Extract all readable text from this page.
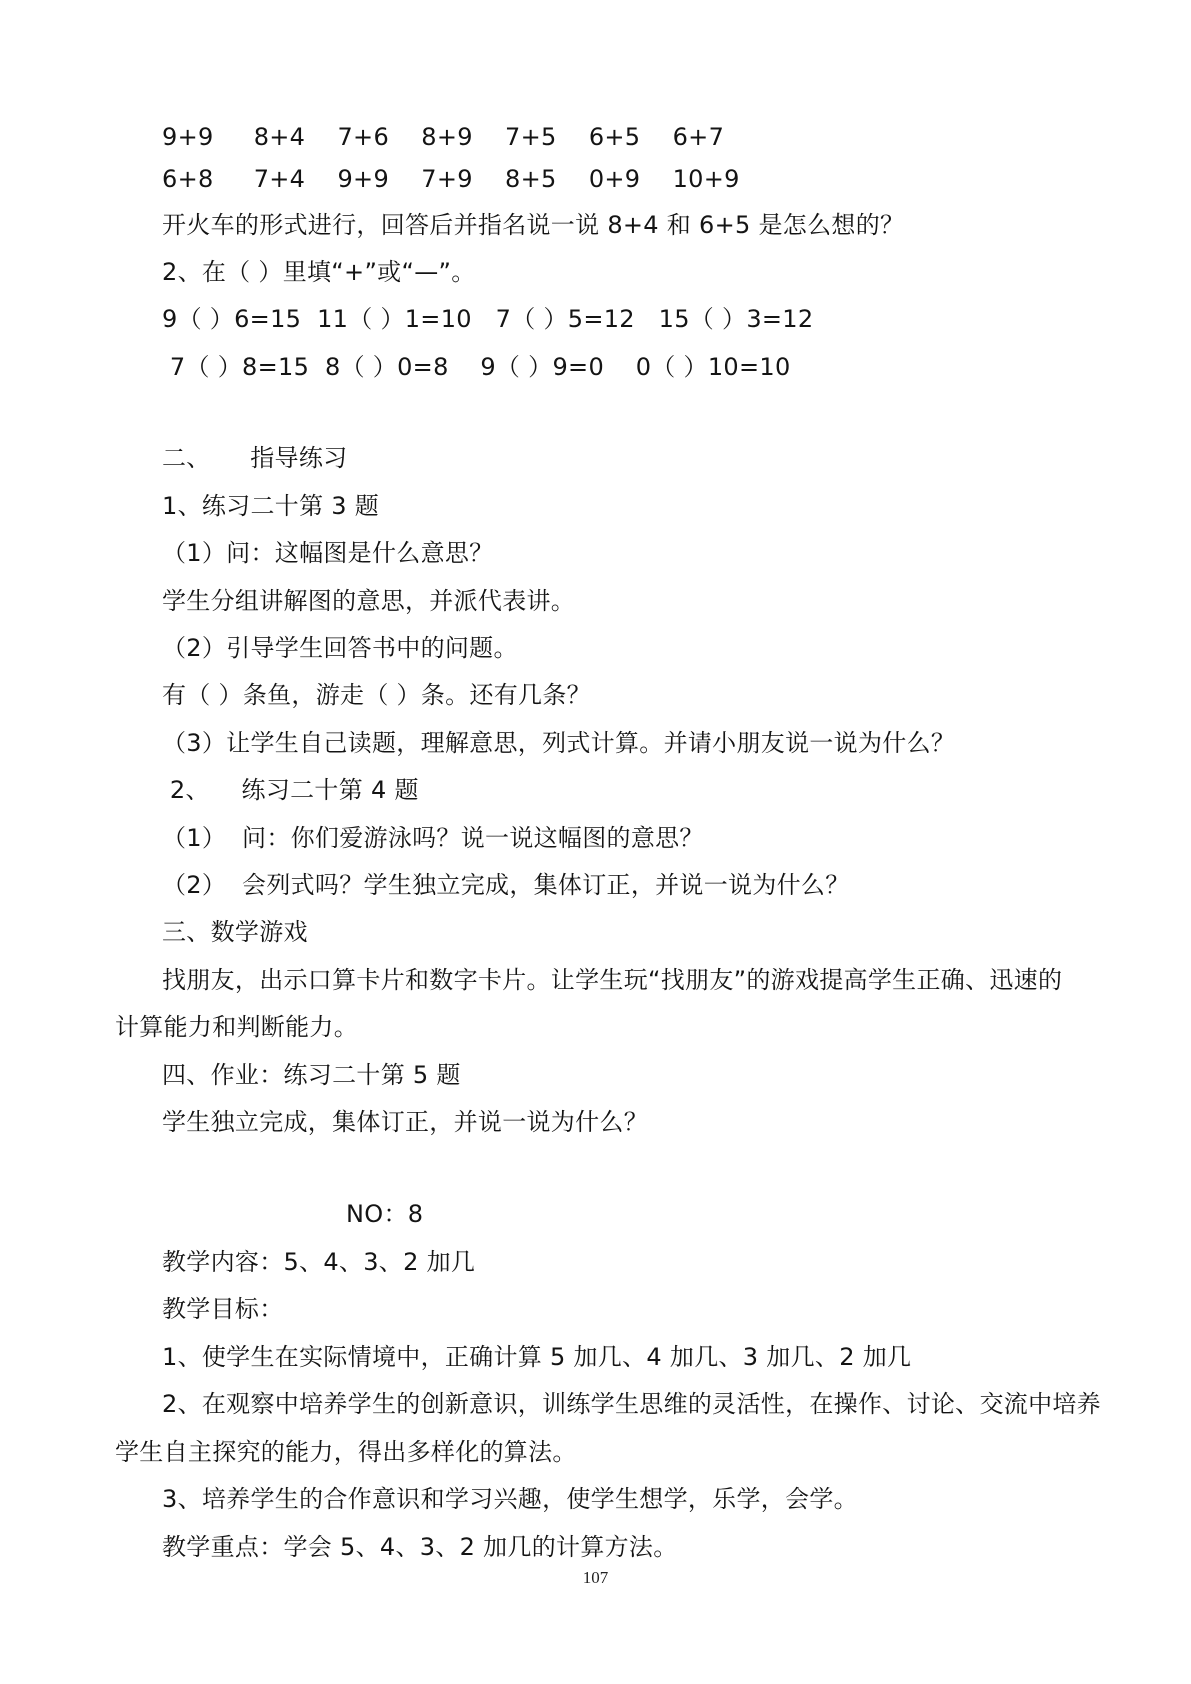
9+9　  8+4　 7+6　 8+9　 7+5　 6+5　 6+7
6+8　  7+4　 9+9　 7+9　 8+5　 0+9　 10+9
开火车的形式进行，回答后并指名说一说 8+4 和 6+5 是怎么想的？
2、在（ ）里填“+”或“—”。
9（ ）6=15  11（ ）1=10   7（ ）5=12   15（ ）3=12
7（ ）8=15  8（ ）0=8    9（ ）9=0    0（ ）10=10
二、     指导练习
1、练习二十第 3 题
（1）问：这幅图是什么意思？
学生分组讲解图的意思，并派代表讲。
（2）引导学生回答书中的问题。
有（ ）条鱼，游走（ ）条。还有几条？
（3）让学生自己读题，理解意思，列式计算。并请小朋友说一说为什么？
2、    练习二十第 4 题
（1）  问：你们爱游泳吗？说一说这幅图的意思？
（2）  会列式吗？学生独立完成，集体订正，并说一说为什么？
三、数学游戏
找朋友，出示口算卡片和数字卡片。让学生玩“找朋友”的游戏提高学生正确、迅速的
计算能力和判断能力。
四、作业：练习二十第 5 题
学生独立完成，集体订正，并说一说为什么？
NO：8
教学内容：5、4、3、2 加几
教学目标：
1、使学生在实际情境中，正确计算 5 加几、4 加几、3 加几、2 加几
2、在观察中培养学生的创新意识，训练学生思维的灵活性，在操作、讨论、交流中培养
学生自主探究的能力，得出多样化的算法。
3、培养学生的合作意识和学习兴趣，使学生想学，乐学，会学。
教学重点：学会 5、4、3、2 加几的计算方法。
107
